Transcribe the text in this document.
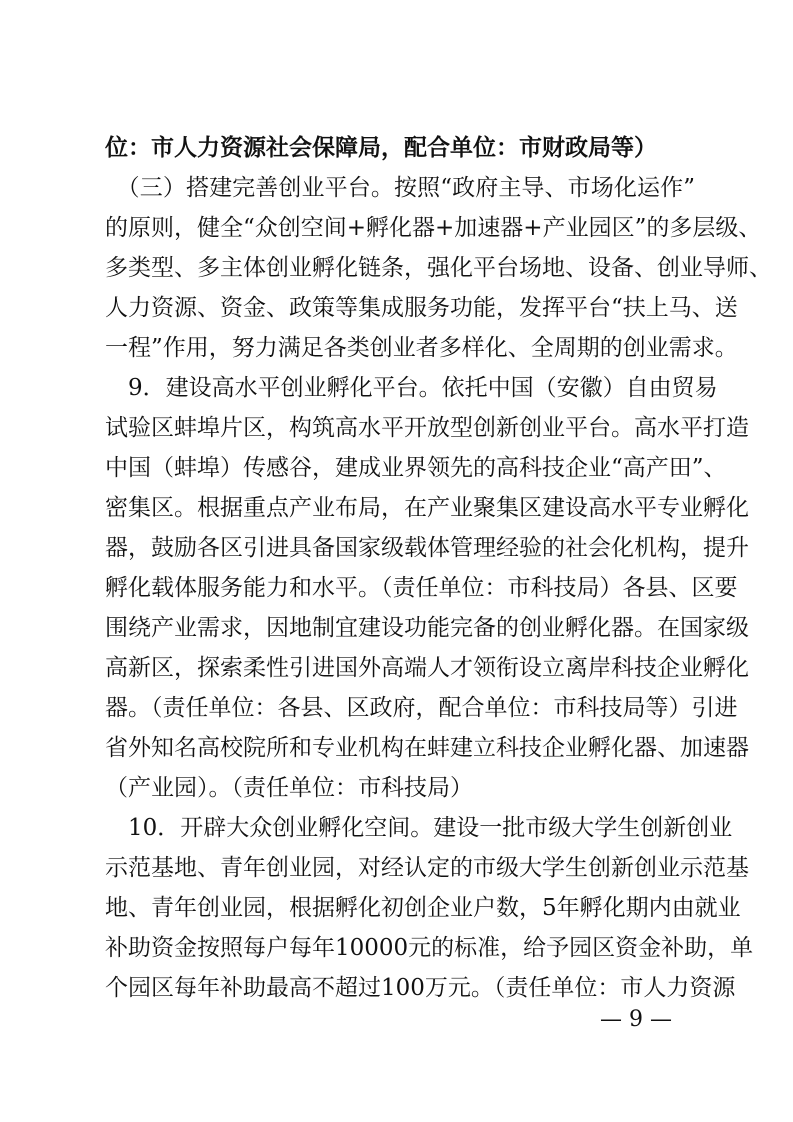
位：市人力资源社会保障局，配合单位：市财政局等）
　（三）搭建完善创业平台。按照“政府主导、市场化运作”
的原则，健全“众创空间+孵化器+加速器+产业园区”的多层级、
多类型、多主体创业孵化链条，强化平台场地、设备、创业导师、
人力资源、资金、政策等集成服务功能，发挥平台“扶上马、送
一程”作用，努力满足各类创业者多样化、全周期的创业需求。
　9．建设高水平创业孵化平台。依托中国（安徽）自由贸易
试验区蚌埠片区，构筑高水平开放型创新创业平台。高水平打造
中国（蚌埠）传感谷，建成业界领先的高科技企业“高产田”、
密集区。根据重点产业布局，在产业聚集区建设高水平专业孵化
器，鼓励各区引进具备国家级载体管理经验的社会化机构，提升
孵化载体服务能力和水平。（责任单位：市科技局）各县、区要
围绕产业需求，因地制宜建设功能完备的创业孵化器。在国家级
高新区，探索柔性引进国外高端人才领衔设立离岸科技企业孵化
器。（责任单位：各县、区政府，配合单位：市科技局等）引进
省外知名高校院所和专业机构在蚌建立科技企业孵化器、加速器
（产业园）。（责任单位：市科技局）
　10．开辟大众创业孵化空间。建设一批市级大学生创新创业
示范基地、青年创业园，对经认定的市级大学生创新创业示范基
地、青年创业园，根据孵化初创企业户数，5年孵化期内由就业
补助资金按照每户每年10000元的标准，给予园区资金补助，单
个园区每年补助最高不超过100万元。（责任单位：市人力资源
— 9 —
